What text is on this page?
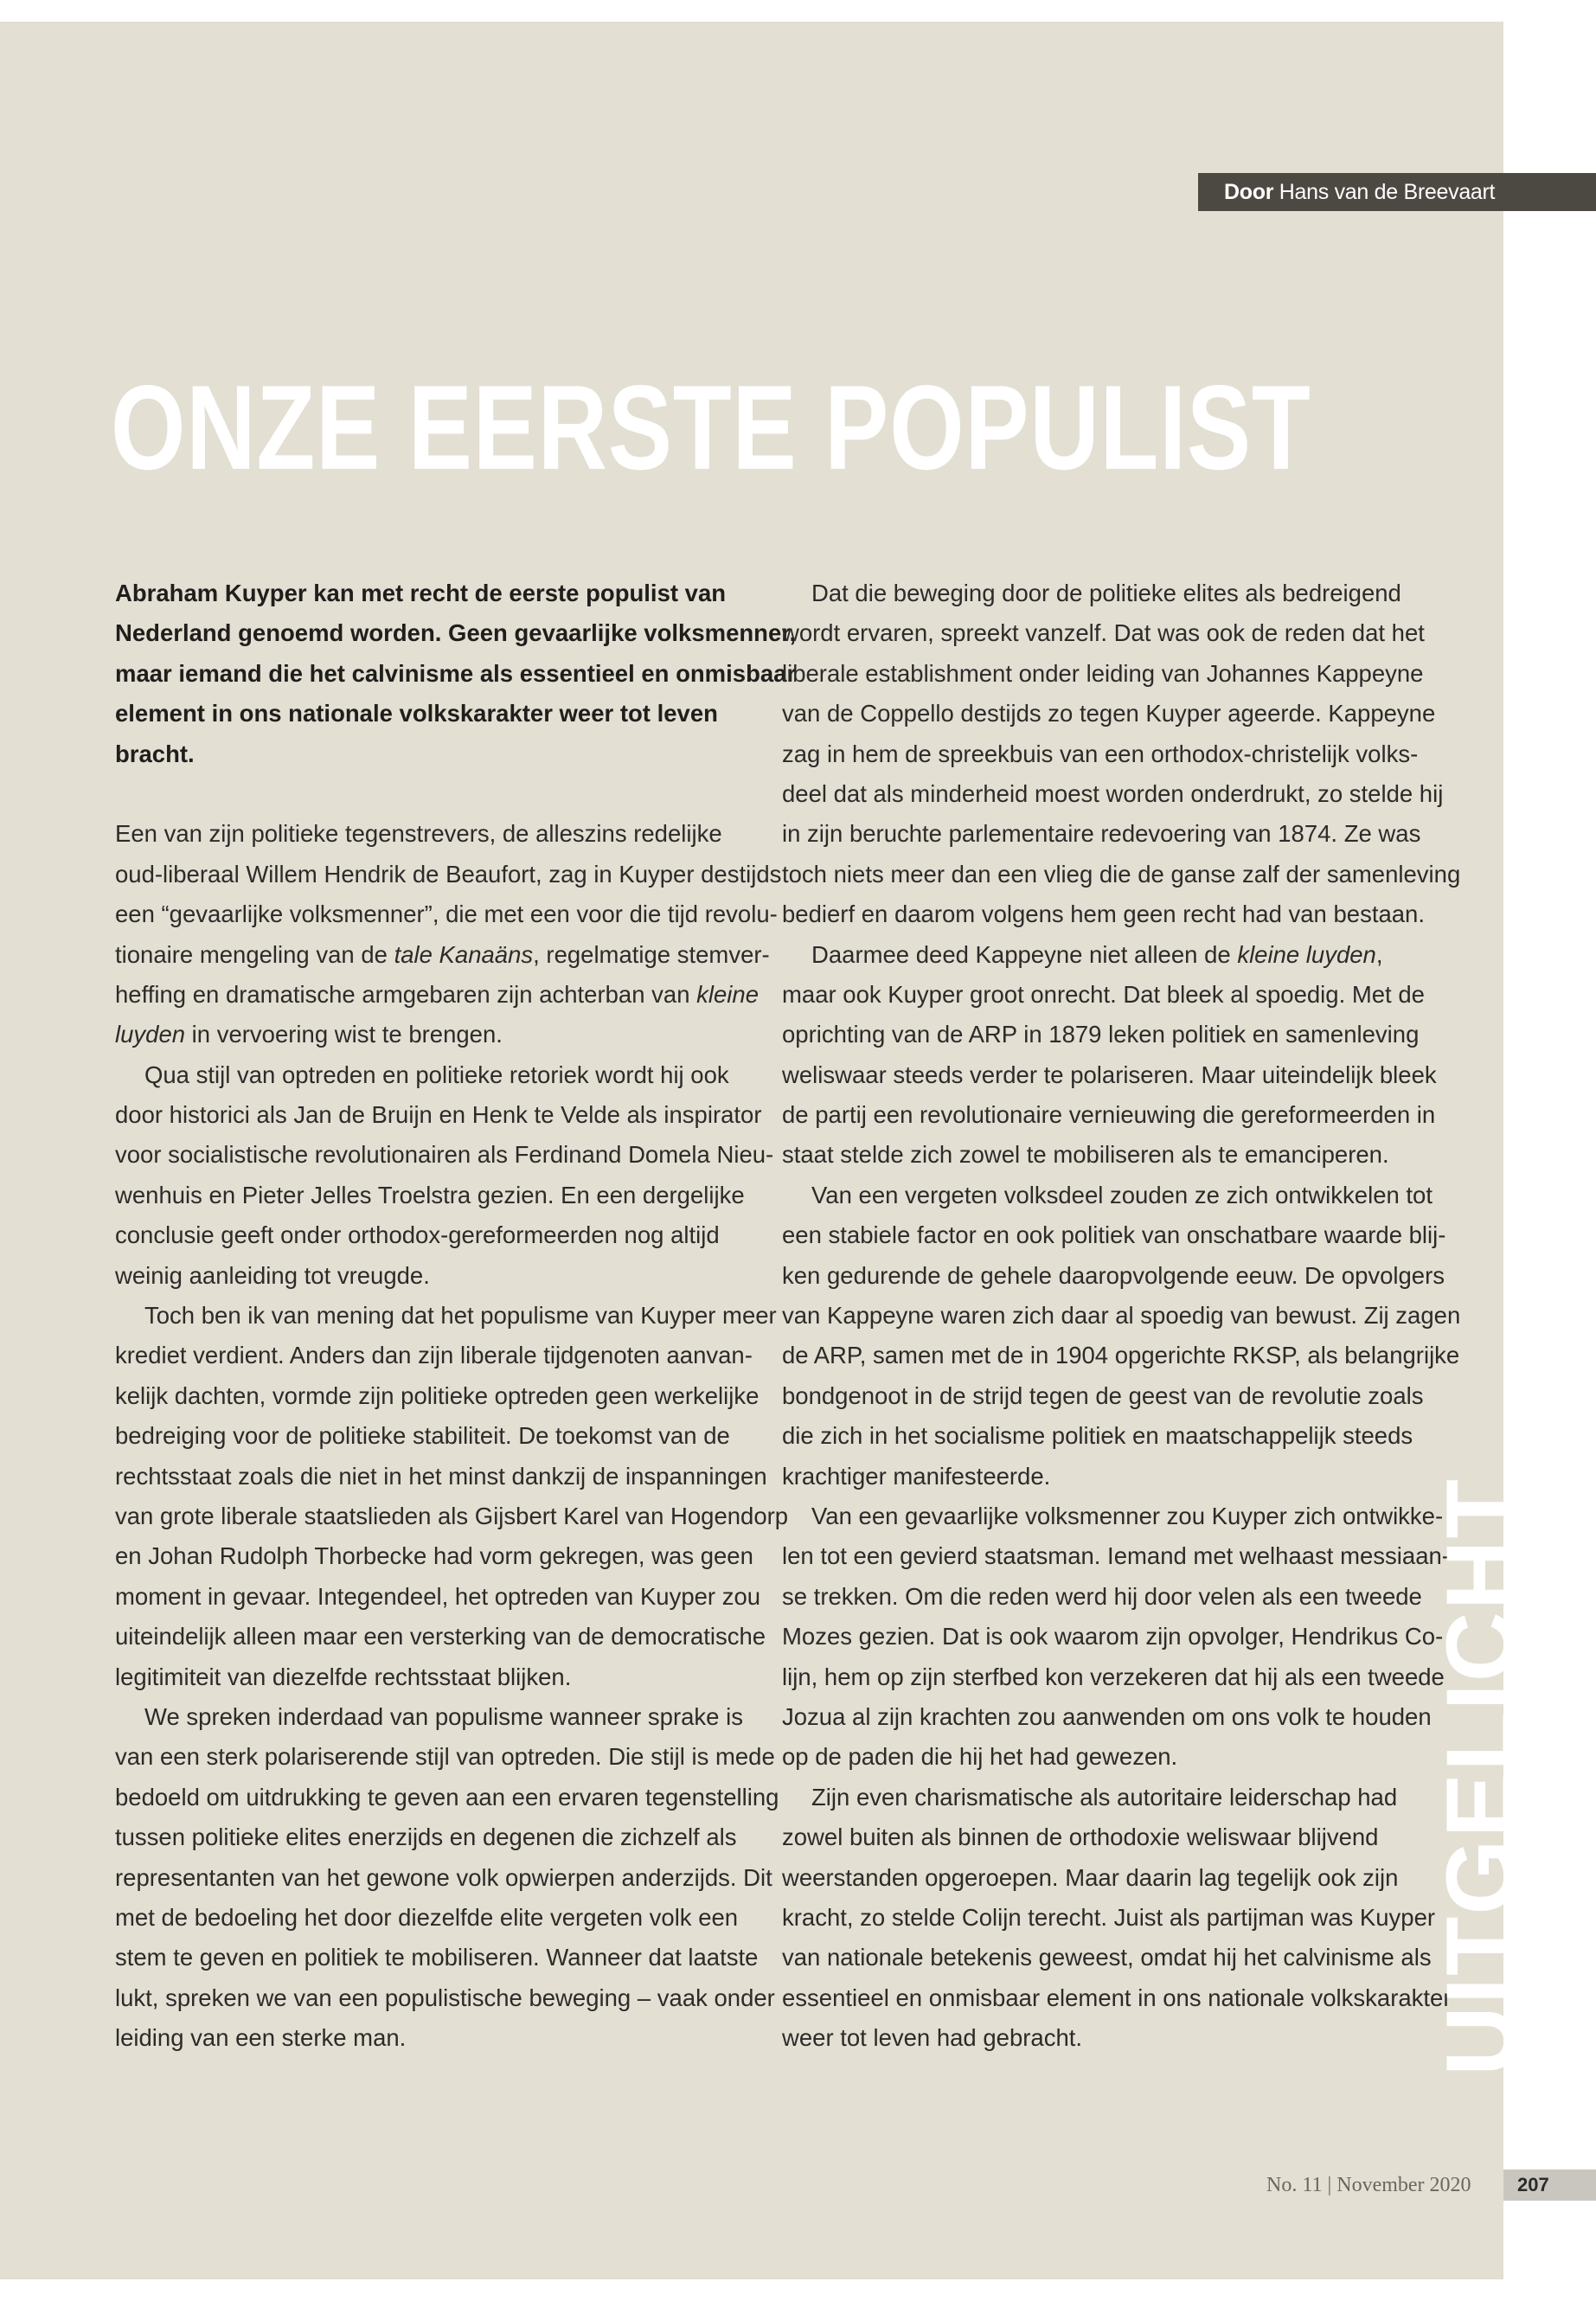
Door Hans van de Breevaart
ONZE EERSTE POPULIST
Abraham Kuyper kan met recht de eerste populist van
Nederland genoemd worden. Geen gevaarlijke volksmenner,
maar iemand die het calvinisme als essentieel en onmisbaar
element in ons nationale volkskarakter weer tot leven
bracht.
Een van zijn politieke tegenstrevers, de alleszins redelijke
oud-liberaal Willem Hendrik de Beaufort, zag in Kuyper destijds
een “gevaarlijke volksmenner”, die met een voor die tijd revolu-
tionaire mengeling van de tale Kanaäns, regelmatige stemver-
heffing en dramatische armgebaren zijn achterban van kleine
luyden in vervoering wist te brengen.
Qua stijl van optreden en politieke retoriek wordt hij ook
door historici als Jan de Bruijn en Henk te Velde als inspirator
voor socialistische revolutionairen als Ferdinand Domela Nieu-
wenhuis en Pieter Jelles Troelstra gezien. En een dergelijke
conclusie geeft onder orthodox-gereformeerden nog altijd
weinig aanleiding tot vreugde.
Toch ben ik van mening dat het populisme van Kuyper meer
krediet verdient. Anders dan zijn liberale tijdgenoten aanvan-
kelijk dachten, vormde zijn politieke optreden geen werkelijke
bedreiging voor de politieke stabiliteit. De toekomst van de
rechtsstaat zoals die niet in het minst dankzij de inspanningen
van grote liberale staatslieden als Gijsbert Karel van Hogendorp
en Johan Rudolph Thorbecke had vorm gekregen, was geen
moment in gevaar. Integendeel, het optreden van Kuyper zou
uiteindelijk alleen maar een versterking van de democratische
legitimiteit van diezelfde rechtsstaat blijken.
We spreken inderdaad van populisme wanneer sprake is
van een sterk polariserende stijl van optreden. Die stijl is mede
bedoeld om uitdrukking te geven aan een ervaren tegenstelling
tussen politieke elites enerzijds en degenen die zichzelf als
representanten van het gewone volk opwierpen anderzijds. Dit
met de bedoeling het door diezelfde elite vergeten volk een
stem te geven en politiek te mobiliseren. Wanneer dat laatste
lukt, spreken we van een populistische beweging – vaak onder
leiding van een sterke man.
Dat die beweging door de politieke elites als bedreigend
wordt ervaren, spreekt vanzelf. Dat was ook de reden dat het
liberale establishment onder leiding van Johannes Kappeyne
van de Coppello destijds zo tegen Kuyper ageerde. Kappeyne
zag in hem de spreekbuis van een orthodox-christelijk volks-
deel dat als minderheid moest worden onderdrukt, zo stelde hij
in zijn beruchte parlementaire redevoering van 1874. Ze was
toch niets meer dan een vlieg die de ganse zalf der samenleving
bedierf en daarom volgens hem geen recht had van bestaan.
Daarmee deed Kappeyne niet alleen de kleine luyden,
maar ook Kuyper groot onrecht. Dat bleek al spoedig. Met de
oprichting van de ARP in 1879 leken politiek en samenleving
weliswaar steeds verder te polariseren. Maar uiteindelijk bleek
de partij een revolutionaire vernieuwing die gereformeerden in
staat stelde zich zowel te mobiliseren als te emanciperen.
Van een vergeten volksdeel zouden ze zich ontwikkelen tot
een stabiele factor en ook politiek van onschatbare waarde blij-
ken gedurende de gehele daaropvolgende eeuw. De opvolgers
van Kappeyne waren zich daar al spoedig van bewust. Zij zagen
de ARP, samen met de in 1904 opgerichte RKSP, als belangrijke
bondgenoot in de strijd tegen de geest van de revolutie zoals
die zich in het socialisme politiek en maatschappelijk steeds
krachtiger manifesteerde.
Van een gevaarlijke volksmenner zou Kuyper zich ontwikke-
len tot een gevierd staatsman. Iemand met welhaast messiaan-
se trekken. Om die reden werd hij door velen als een tweede
Mozes gezien. Dat is ook waarom zijn opvolger, Hendrikus Co-
lijn, hem op zijn sterfbed kon verzekeren dat hij als een tweede
Jozua al zijn krachten zou aanwenden om ons volk te houden
op de paden die hij het had gewezen.
Zijn even charismatische als autoritaire leiderschap had
zowel buiten als binnen de orthodoxie weliswaar blijvend
weerstanden opgeroepen. Maar daarin lag tegelijk ook zijn
kracht, zo stelde Colijn terecht. Juist als partijman was Kuyper
van nationale betekenis geweest, omdat hij het calvinisme als
essentieel en onmisbaar element in ons nationale volkskarakter
weer tot leven had gebracht.	UITGELICHT
No. 11 | November 2020	207
